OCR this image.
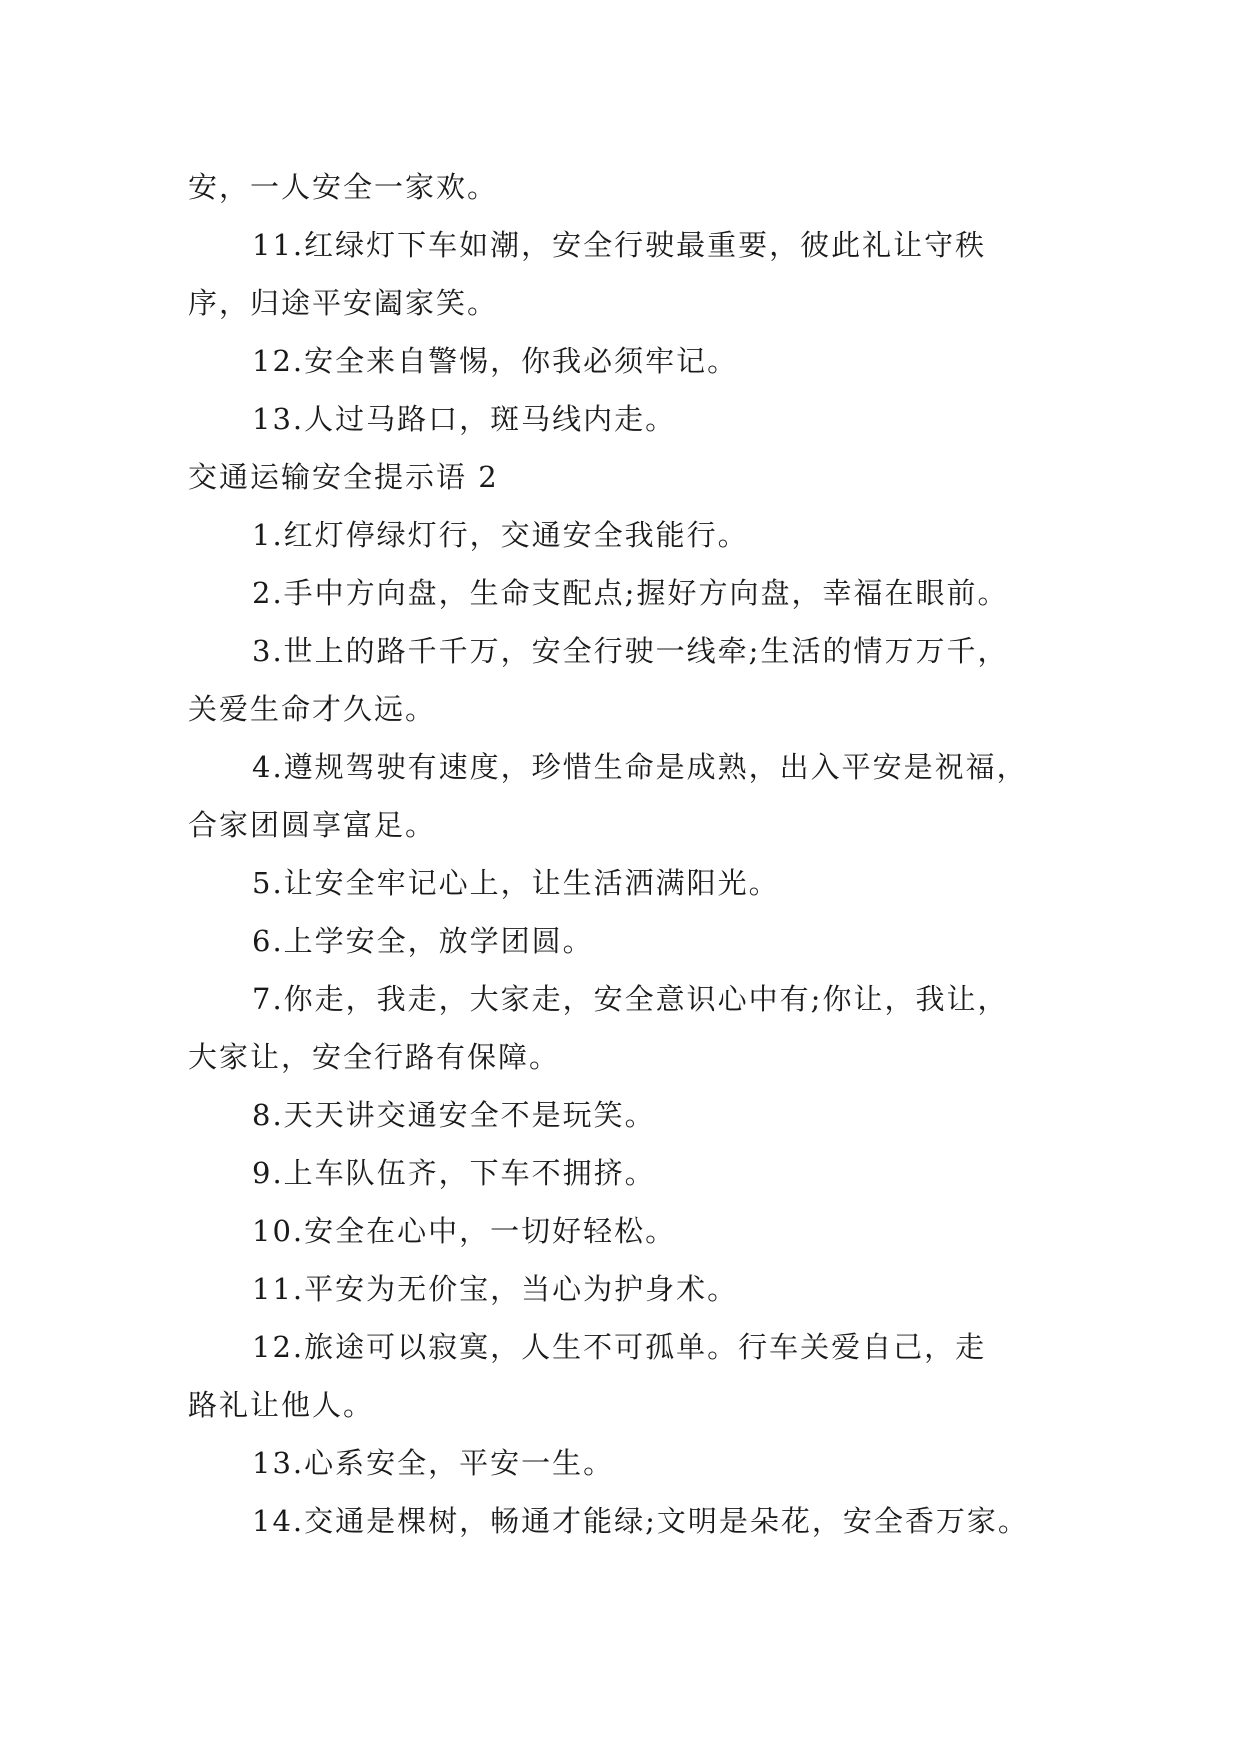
安，一人安全一家欢。
11.红绿灯下车如潮，安全行驶最重要，彼此礼让守秩
序，归途平安阖家笑。
12.安全来自警惕，你我必须牢记。
13.人过马路口，斑马线内走。
交通运输安全提示语 2
1.红灯停绿灯行，交通安全我能行。
2.手中方向盘，生命支配点;握好方向盘，幸福在眼前。
3.世上的路千千万，安全行驶一线牵;生活的情万万千，
关爱生命才久远。
4.遵规驾驶有速度，珍惜生命是成熟，出入平安是祝福，
合家团圆享富足。
5.让安全牢记心上，让生活洒满阳光。
6.上学安全，放学团圆。
7.你走，我走，大家走，安全意识心中有;你让，我让，
大家让，安全行路有保障。
8.天天讲交通安全不是玩笑。
9.上车队伍齐，下车不拥挤。
10.安全在心中，一切好轻松。
11.平安为无价宝，当心为护身术。
12.旅途可以寂寞，人生不可孤单。行车关爱自己，走
路礼让他人。
13.心系安全，平安一生。
14.交通是棵树，畅通才能绿;文明是朵花，安全香万家。
